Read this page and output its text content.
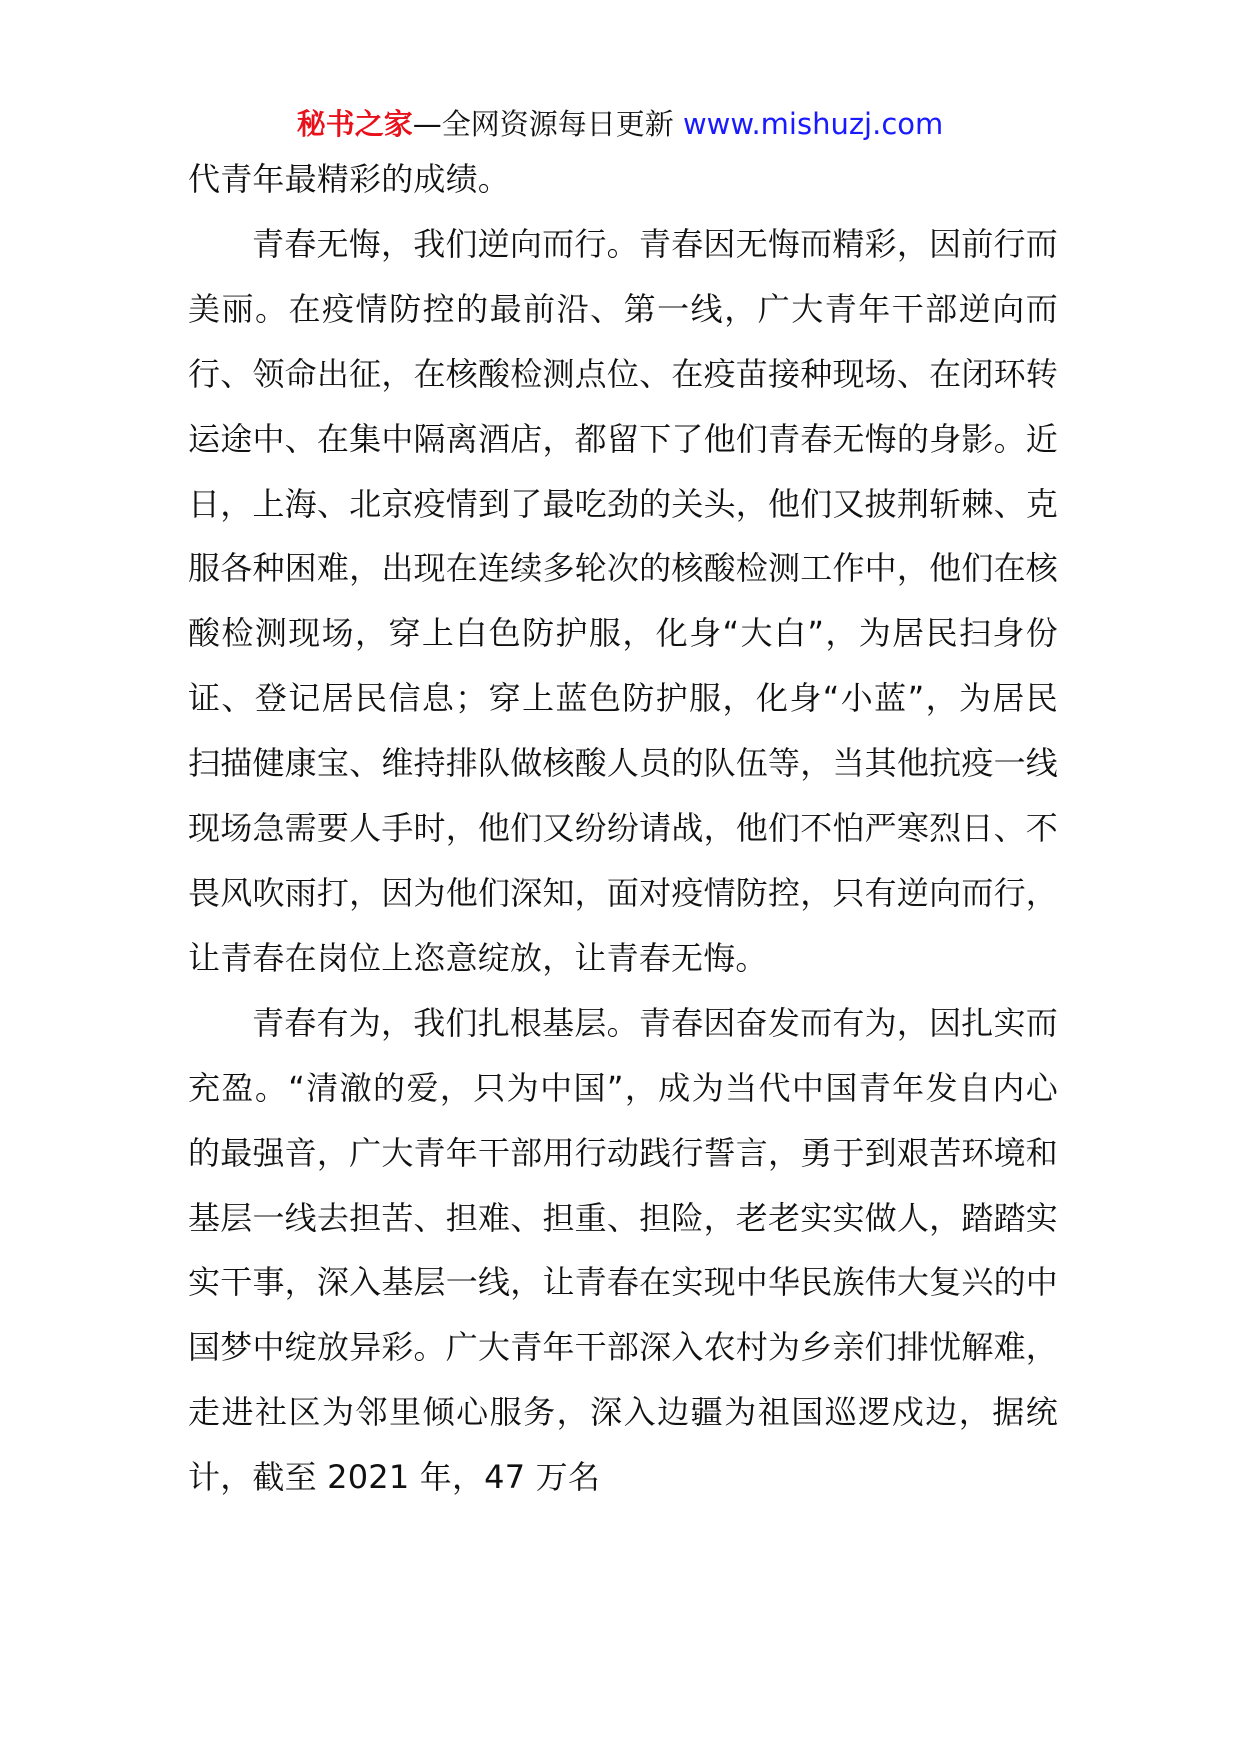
秘书之家—全网资源每日更新 www.mishuzj.com

代青年最精彩的成绩。

青春无悔，我们逆向而行。青春因无悔而精彩，因前行而美丽。在疫情防控的最前沿、第一线，广大青年干部逆向而行、领命出征，在核酸检测点位、在疫苗接种现场、在闭环转运途中、在集中隔离酒店，都留下了他们青春无悔的身影。近日，上海、北京疫情到了最吃劲的关头，他们又披荆斩棘、克服各种困难，出现在连续多轮次的核酸检测工作中，他们在核酸检测现场，穿上白色防护服，化身“大白”，为居民扫身份证、登记居民信息；穿上蓝色防护服，化身“小蓝”，为居民扫描健康宝、维持排队做核酸人员的队伍等，当其他抗疫一线现场急需要人手时，他们又纷纷请战，他们不怕严寒烈日、不畏风吹雨打，因为他们深知，面对疫情防控，只有逆向而行，让青春在岗位上恣意绽放，让青春无悔。

青春有为，我们扎根基层。青春因奋发而有为，因扎实而充盈。“清澈的爱，只为中国”，成为当代中国青年发自内心的最强音，广大青年干部用行动践行誓言，勇于到艰苦环境和基层一线去担苦、担难、担重、担险，老老实实做人，踏踏实实干事，深入基层一线，让青春在实现中华民族伟大复兴的中国梦中绽放异彩。广大青年干部深入农村为乡亲们排忧解难，走进社区为邻里倾心服务，深入边疆为祖国巡逻戍边，据统计，截至 2021 年，47 万名
